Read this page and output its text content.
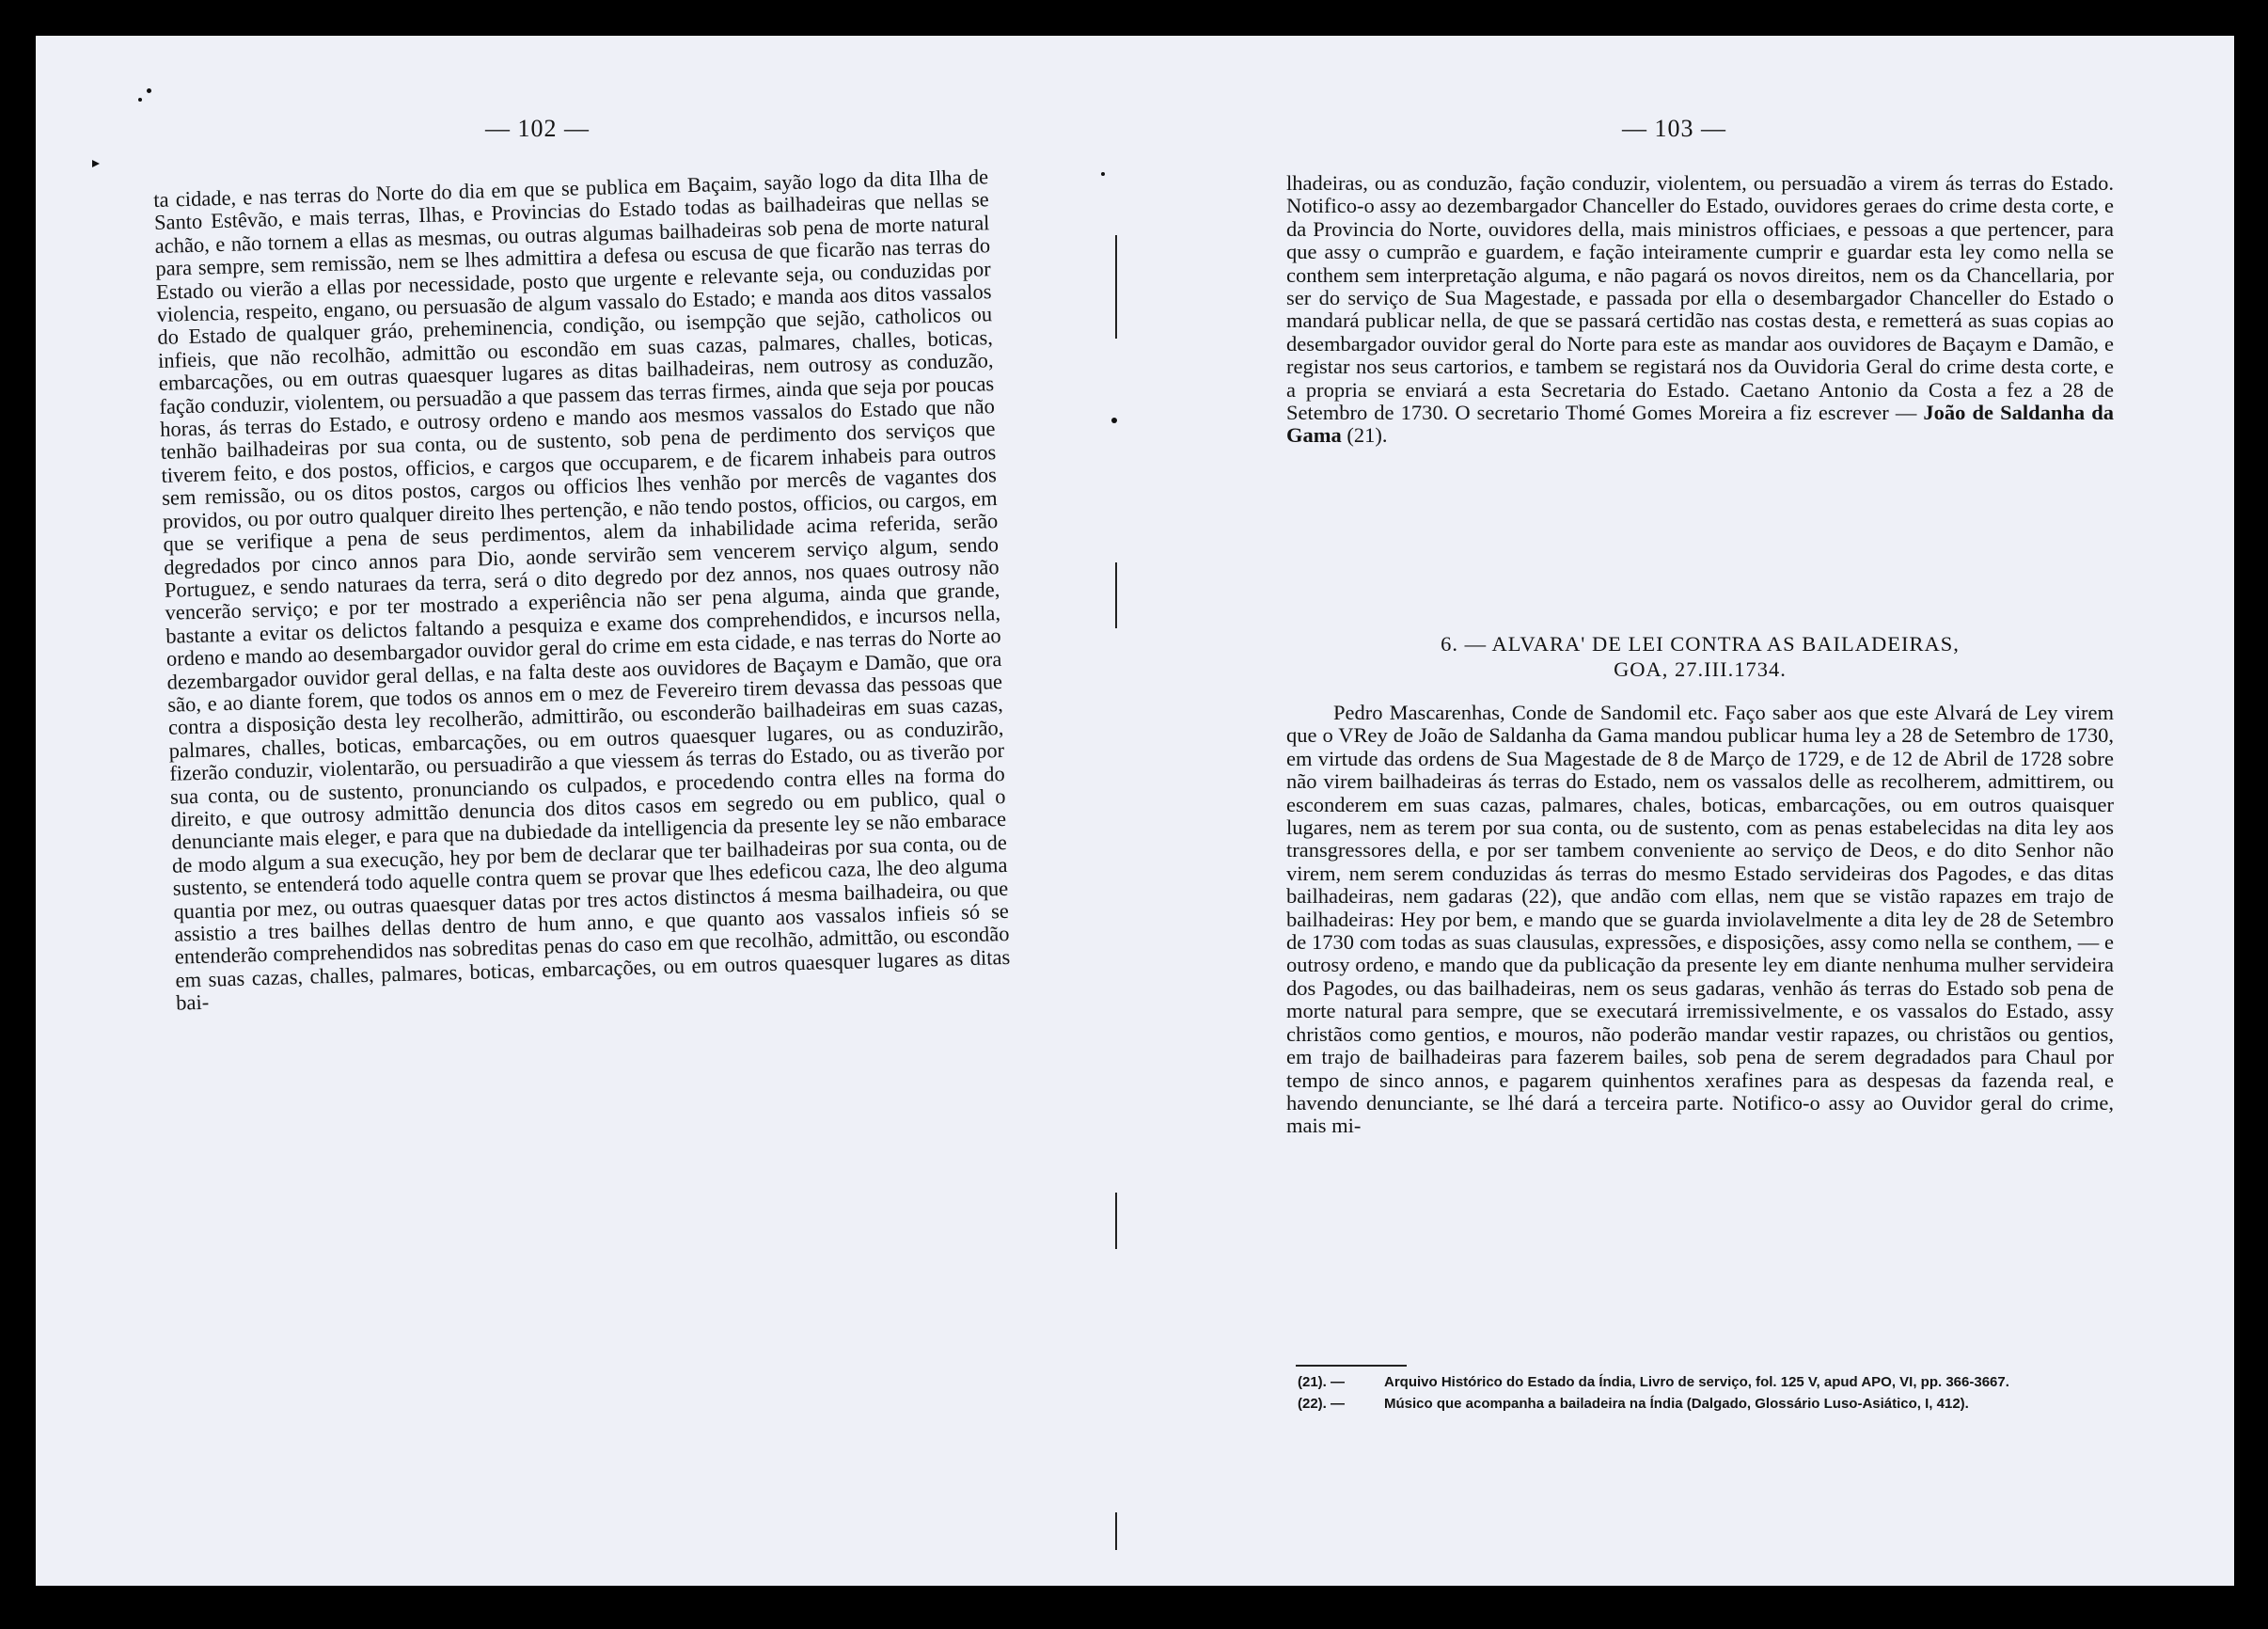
— 102 —

ta cidade, e nas terras do Norte do dia em que se publica em Baçaim, sayão logo da dita Ilha de Santo Estêvão, e mais terras, Ilhas, e Provincias do Estado todas as bailhadeiras que nellas se achão, e não tornem a ellas as mesmas, ou outras algumas bailhadeiras sob pena de morte natural para sempre, sem remissão, nem se lhes admittira a defesa ou escusa de que ficarão nas terras do Estado ou vierão a ellas por necessidade, posto que urgente e relevante seja, ou conduzidas por violencia, respeito, engano, ou persuasão de algum vassalo do Estado; e manda aos ditos vassalos do Estado de qualquer gráo, preheminencia, condição, ou isempção que sejão, catholicos ou infieis, que não recolhão, admittão ou escondão em suas cazas, palmares, challes, boticas, embarcações, ou em outras quaesquer lugares as ditas bailhadeiras, nem outrosy as conduzão, fação conduzir, violentem, ou persuadão a que passem das terras firmes, ainda que seja por poucas horas, ás terras do Estado, e outrosy ordeno e mando aos mesmos vassalos do Estado que não tenhão bailhadeiras por sua conta, ou de sustento, sob pena de perdimento dos serviços que tiverem feito, e dos postos, officios, e cargos que occuparem, e de ficarem inhabeis para outros sem remissão, ou os ditos postos, cargos ou officios lhes venhão por mercês de vagantes dos providos, ou por outro qualquer direito lhes pertenção, e não tendo postos, officios, ou cargos, em que se verifique a pena de seus perdimentos, alem da inhabilidade acima referida, serão degredados por cinco annos para Dio, aonde servirão sem vencerem serviço algum, sendo Portuguez, e sendo naturaes da terra, será o dito degredo por dez annos, nos quaes outrosy não vencerão serviço; e por ter mostrado a experiência não ser pena alguma, ainda que grande, bastante a evitar os delictos faltando a pesquiza e exame dos comprehendidos, e incursos nella, ordeno e mando ao desembargador ouvidor geral do crime em esta cidade, e nas terras do Norte ao dezembargador ouvidor geral dellas, e na falta deste aos ouvidores de Baçaym e Damão, que ora são, e ao diante forem, que todos os annos em o mez de Fevereiro tirem devassa das pessoas que contra a disposição desta ley recolherão, admittirão, ou esconderão bailhadeiras em suas cazas, palmares, challes, boticas, embarcações, ou em outros quaesquer lugares, ou as conduzirão, fizerão conduzir, violentarão, ou persuadirão a que viessem ás terras do Estado, ou as tiverão por sua conta, ou de sustento, pronunciando os culpados, e procedendo contra elles na forma do direito, e que outrosy admittão denuncia dos ditos casos em segredo ou em publico, qual o denunciante mais eleger, e para que na dubiedade da intelligencia da presente ley se não embarace de modo algum a sua execução, hey por bem de declarar que ter bailhadeiras por sua conta, ou de sustento, se entenderá todo aquelle contra quem se provar que lhes edeficou caza, lhe deo alguma quantia por mez, ou outras quaesquer datas por tres actos distinctos á mesma bailhadeira, ou que assistio a tres bailhes dellas dentro de hum anno, e que quanto aos vassalos infieis só se entenderão comprehendidos nas sobreditas penas do caso em que recolhão, admittão, ou escondão em suas cazas, challes, palmares, boticas, embarcações, ou em outros quaesquer lugares as ditas bai-

— 103 —

lhadeiras, ou as conduzão, fação conduzir, violentem, ou persuadão a virem ás terras do Estado. Notifico-o assy ao dezembargador Chanceller do Estado, ouvidores geraes do crime desta corte, e da Provincia do Norte, ouvidores della, mais ministros officiaes, e pessoas a que pertencer, para que assy o cumprão e guardem, e fação inteiramente cumprir e guardar esta ley como nella se conthem sem interpretação alguma, e não pagará os novos direitos, nem os da Chancellaria, por ser do serviço de Sua Magestade, e passada por ella o desembargador Chanceller do Estado o mandará publicar nella, de que se passará certidão nas costas desta, e remetterá as suas copias ao desembargador ouvidor geral do Norte para este as mandar aos ouvidores de Baçaym e Damão, e registar nos seus cartorios, e tambem se registará nos da Ouvidoria Geral do crime desta corte, e a propria se enviará a esta Secretaria do Estado. Caetano Antonio da Costa a fez a 28 de Setembro de 1730. O secretario Thomé Gomes Moreira a fiz escrever — João de Saldanha da Gama (21).

6. — ALVARA' DE LEI CONTRA AS BAILADEIRAS,
GOA, 27.III.1734.

Pedro Mascarenhas, Conde de Sandomil etc. Faço saber aos que este Alvará de Ley virem que o VRey de João de Saldanha da Gama mandou publicar huma ley a 28 de Setembro de 1730, em virtude das ordens de Sua Magestade de 8 de Março de 1729, e de 12 de Abril de 1728 sobre não virem bailhadeiras ás terras do Estado, nem os vassalos delle as recolherem, admittirem, ou esconderem em suas cazas, palmares, chales, boticas, embarcações, ou em outros quaisquer lugares, nem as terem por sua conta, ou de sustento, com as penas estabelecidas na dita ley aos transgressores della, e por ser tambem conveniente ao serviço de Deos, e do dito Senhor não virem, nem serem conduzidas ás terras do mesmo Estado servideiras dos Pagodes, e das ditas bailhadeiras, nem gadaras (22), que andão com ellas, nem que se vistão rapazes em trajo de bailhadeiras: Hey por bem, e mando que se guarda inviolavelmente a dita ley de 28 de Setembro de 1730 com todas as suas clausulas, expressões, e disposições, assy como nella se conthem, — e outrosy ordeno, e mando que da publicação da presente ley em diante nenhuma mulher servideira dos Pagodes, ou das bailhadeiras, nem os seus gadaras, venhão ás terras do Estado sob pena de morte natural para sempre, que se executará irremissivelmente, e os vassalos do Estado, assy christãos como gentios, e mouros, não poderão mandar vestir rapazes, ou christãos ou gentios, em trajo de bailhadeiras para fazerem bailes, sob pena de serem degradados para Chaul por tempo de sinco annos, e pagarem quinhentos xerafines para as despesas da fazenda real, e havendo denunciante, se lhé dará a terceira parte. Notifico-o assy ao Ouvidor geral do crime, mais mi-

(21). —	Arquivo Histórico do Estado da Índia, Livro de serviço, fol. 125 V, apud APO, VI, pp. 366-3667.
(22). —	Músico que acompanha a bailadeira na Índia (Dalgado, Glossário Luso-Asiático, I, 412).
